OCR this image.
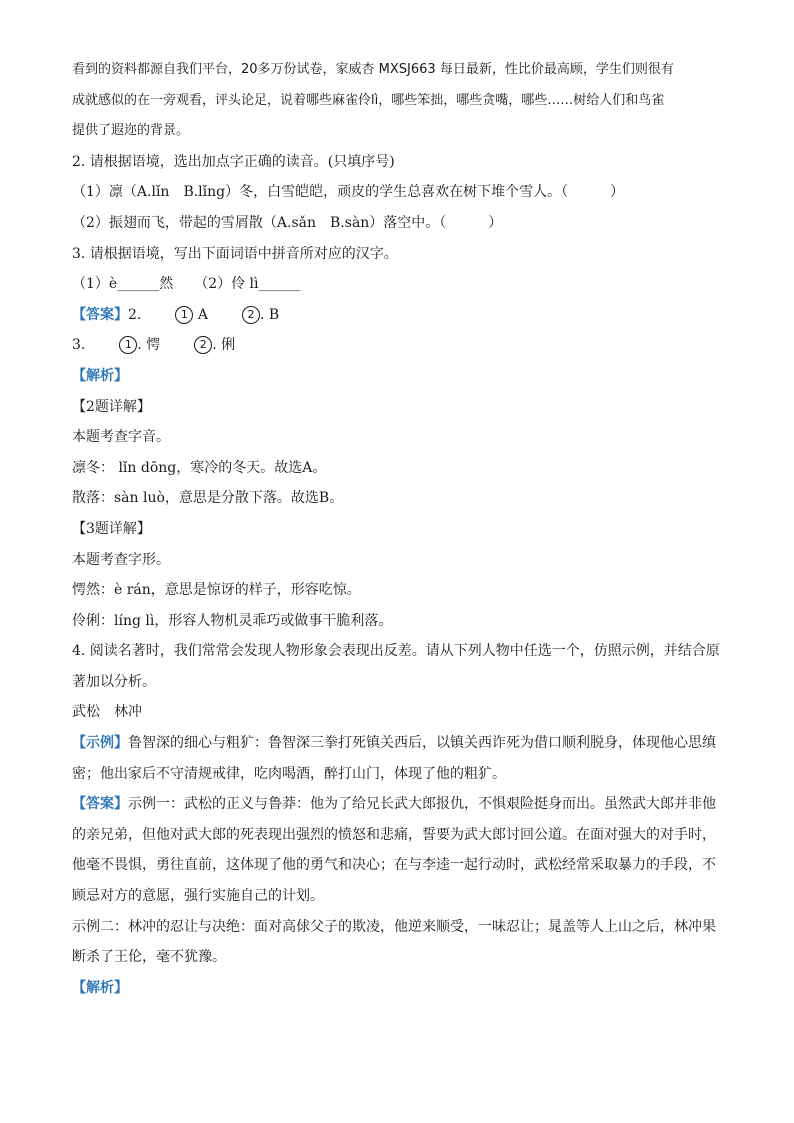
看到的资料都源自我们平台，20多万份试卷，家威杏 MXSJ663 每日最新，性比价最高顾，学生们则很有
成就感似的在一旁观看，评头论足，说着哪些麻雀伶lì，哪些笨拙，哪些贪嘴，哪些……树给人们和鸟雀
提供了遐迩的背景。
2. 请根据语境，选出加点字正确的读音。(只填序号)
（1）凛（A.lǐn　B.lǐng）冬，白雪皑皑，顽皮的学生总喜欢在树下堆个雪人。（　　　）
（2）振翅而飞，带起的雪屑散（A.sǎn　B.sàn）落空中。（　　　）
3. 请根据语境，写出下面词语中拼音所对应的汉字。
（1）è______然　　（2）伶 lì______
【答案】2.	1 A	2 . B
3.	1 . 愕	2 . 俐
【解析】
【2题详解】
本题考查字音。
凛冬： lǐn dōng，寒冷的冬天。故选A。
散落：sàn luò，意思是分散下落。故选B。
【3题详解】
本题考查字形。
愕然：è rán，意思是惊讶的样子，形容吃惊。
伶俐：líng lì，形容人物机灵乖巧或做事干脆利落。
4. 阅读名著时，我们常常会发现人物形象会表现出反差。请从下列人物中任选一个，仿照示例，并结合原
著加以分析。
武松　林冲
【示例】鲁智深的细心与粗犷：鲁智深三拳打死镇关西后，以镇关西诈死为借口顺利脱身，体现他心思缜
密；他出家后不守清规戒律，吃肉喝酒，醉打山门，体现了他的粗犷。
【答案】示例一：武松的正义与鲁莽：他为了给兄长武大郎报仇，不惧艰险挺身而出。虽然武大郎并非他
的亲兄弟，但他对武大郎的死表现出强烈的愤怒和悲痛，誓要为武大郎讨回公道。在面对强大的对手时，
他毫不畏惧，勇往直前，这体现了他的勇气和决心；在与李逵一起行动时，武松经常采取暴力的手段，不
顾忌对方的意愿，强行实施自己的计划。
示例二：林冲的忍让与决绝：面对高俅父子的欺凌，他逆来顺受，一味忍让；晁盖等人上山之后，林冲果
断杀了王伦，毫不犹豫。
【解析】
